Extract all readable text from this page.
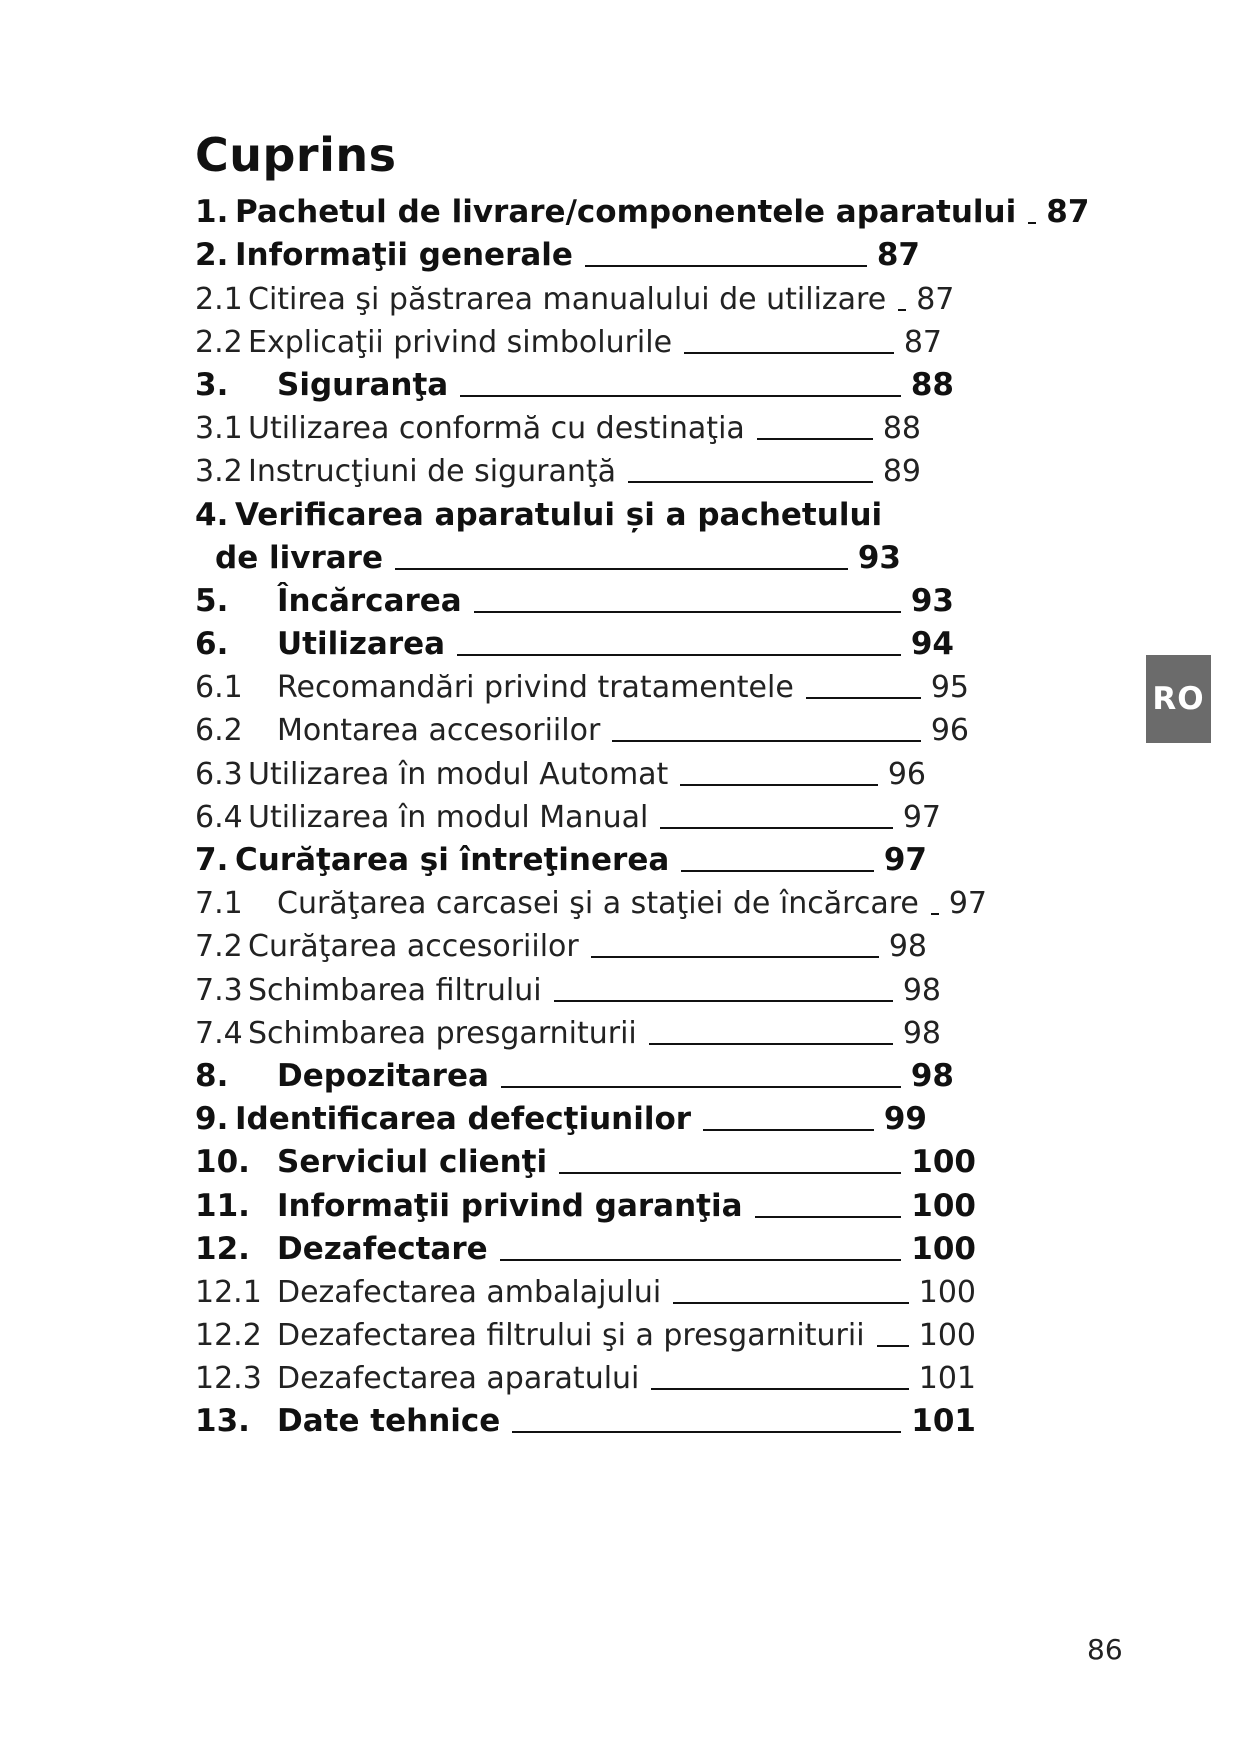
Cuprins
1. Pachetul de livrare/componentele aparatului 87
2. Informaţii generale	87
2.1 Citirea şi păstrarea manualului de utilizare 87
2.2 Explicaţii privind simbolurile	87
3.	Siguranţa	88
3.1 Utilizarea conformă cu destinaţia	88
3.2 Instrucţiuni de siguranţă	89
4. Verificarea aparatului și a pachetului
de livrare	93
5.	Încărcarea	93
6.	Utilizarea	94
6.1	Recomandări privind tratamentele	95
6.2	Montarea accesoriilor	96
6.3 Utilizarea în modul Automat	96
6.4 Utilizarea în modul Manual	97
7. Curăţarea şi întreţinerea	97
7.1	Curăţarea carcasei şi a staţiei de încărcare 97
7.2 Curăţarea accesoriilor	98
7.3 Schimbarea filtrului	98
7.4 Schimbarea presgarniturii	98
8.	Depozitarea	98
9. Identificarea defecţiunilor	99
10. Serviciul clienţi	100
11. Informaţii privind garanţia	100
12. Dezafectare	100
12.1 Dezafectarea ambalajului	100
12.2 Dezafectarea filtrului şi a presgarniturii 100
12.3 Dezafectarea aparatului	101
13. Date tehnice	101
RO
86
